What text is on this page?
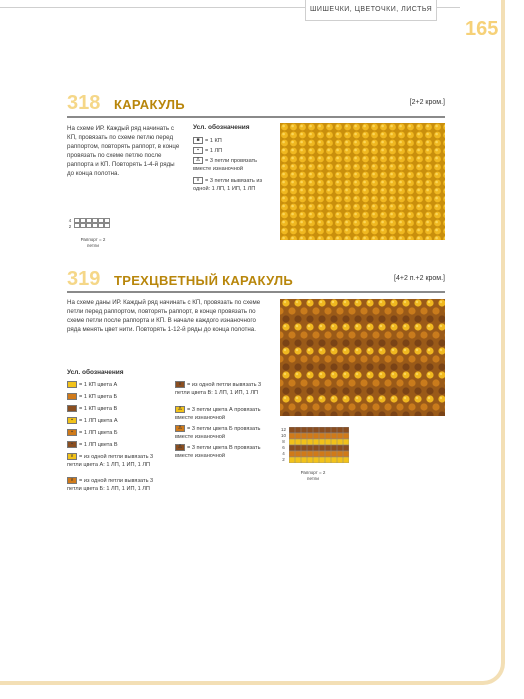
ШИШЕЧКИ, ЦВЕТОЧКИ, ЛИСТЬЯ
165
318 КАРАКУЛЬ	[2+2 кром.]
На схеме ИР. Каждый ряд начинать с КП, провязать по схеме петлю перед раппортом, повторять раппорт, в конце провязать по схеме петлю после раппорта и КП. Повторять 1-4-й ряды до конца полотна.
Усл. обозначения
■ = 1 КП
▪ = 1 ЛП
Δ = 3 петли провязать вместе изнаночной
∨ = 3 петли вывязать из одной: 1 ЛП, 1 ИП, 1 ЛП
4
2
Раппорт = 2 петли
319 ТРЕХЦВЕТНЫЙ КАРАКУЛЬ	[4+2 п.+2 кром.]
На схеме даны ИР. Каждый ряд начинать с КП, провязать по схеме петли перед раппортом, повторять раппорт, в конце провязать по схеме петли после раппорта и КП. В начале каждого изнаночного ряда менять цвет нити. Повторять 1-12-й ряды до конца полотна.
Усл. обозначения
= 1 КП цвета А
= 1 КП цвета Б
= 1 КП цвета В
▪ = 1 ЛП цвета А
▪ = 1 ЛП цвета Б
▪ = 1 ЛП цвета В
∨ = из одной петли вывязать 3 петли цвета А: 1 ЛП, 1 ИП, 1 ЛП
∨ = из одной петли вывязать 3 петли цвета Б: 1 ЛП, 1 ИП, 1 ЛП
∨ = из одной петли вывязать 3 петли цвета В: 1 ЛП, 1 ИП, 1 ЛП
Δ = 3 петли цвета А провязать вместе изнаночной
Δ = 3 петли цвета Б провязать вместе изнаночной
Δ = 3 петли цвета В провязать вместе изнаночной
12
10
8
6
4
2
Раппорт = 2 петли
